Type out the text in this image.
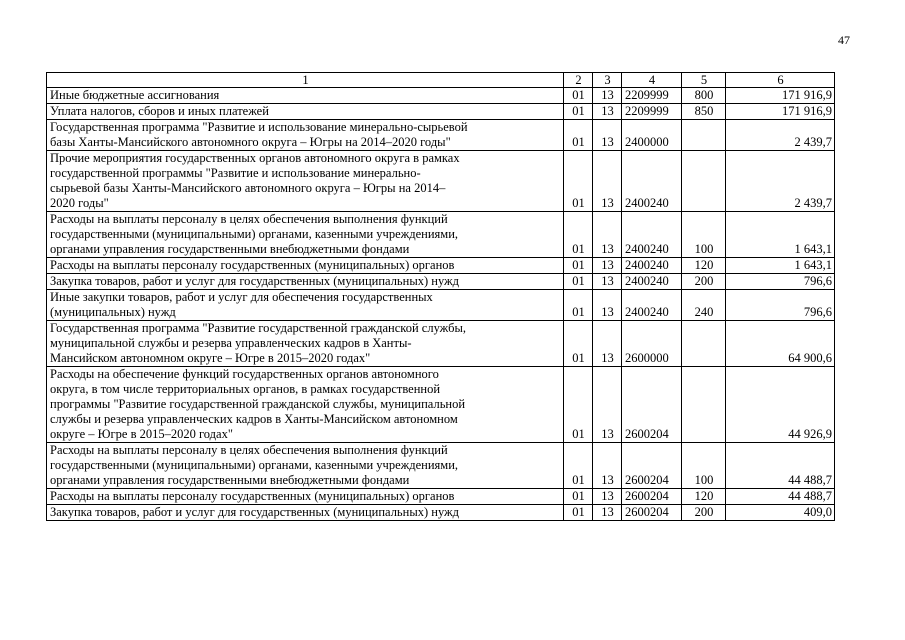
47
1	2	3	4	5	6
Иные бюджетные ассигнования	01	13	2209999	800	171 916,9
Уплата налогов, сборов и иных платежей	01	13	2209999	850	171 916,9
Государственная программа "Развитие и использование минерально-сырьевой
базы Ханты-Мансийского автономного округа – Югры на 2014–2020 годы"	01	13	2400000		2 439,7
Прочие мероприятия государственных органов автономного округа в рамках
государственной программы "Развитие и использование минерально-
сырьевой базы Ханты-Мансийского автономного округа – Югры на 2014–
2020 годы"	01	13	2400240		2 439,7
Расходы на выплаты персоналу в целях обеспечения выполнения функций
государственными (муниципальными) органами, казенными учреждениями,
органами управления государственными внебюджетными фондами	01	13	2400240	100	1 643,1
Расходы на выплаты персоналу государственных (муниципальных) органов	01	13	2400240	120	1 643,1
Закупка товаров, работ и услуг для государственных (муниципальных) нужд	01	13	2400240	200	796,6
Иные закупки товаров, работ и услуг для обеспечения государственных
(муниципальных) нужд	01	13	2400240	240	796,6
Государственная программа "Развитие государственной гражданской службы,
муниципальной службы и резерва управленческих кадров в Ханты-
Мансийском автономном округе – Югре в 2015–2020 годах"	01	13	2600000		64 900,6
Расходы на обеспечение функций государственных органов автономного
округа, в том числе территориальных органов, в рамках государственной
программы "Развитие государственной гражданской службы, муниципальной
службы и резерва управленческих кадров в Ханты-Мансийском автономном
округе – Югре в 2015–2020 годах"	01	13	2600204		44 926,9
Расходы на выплаты персоналу в целях обеспечения выполнения функций
государственными (муниципальными) органами, казенными учреждениями,
органами управления государственными внебюджетными фондами	01	13	2600204	100	44 488,7
Расходы на выплаты персоналу государственных (муниципальных) органов	01	13	2600204	120	44 488,7
Закупка товаров, работ и услуг для государственных (муниципальных) нужд	01	13	2600204	200	409,0
